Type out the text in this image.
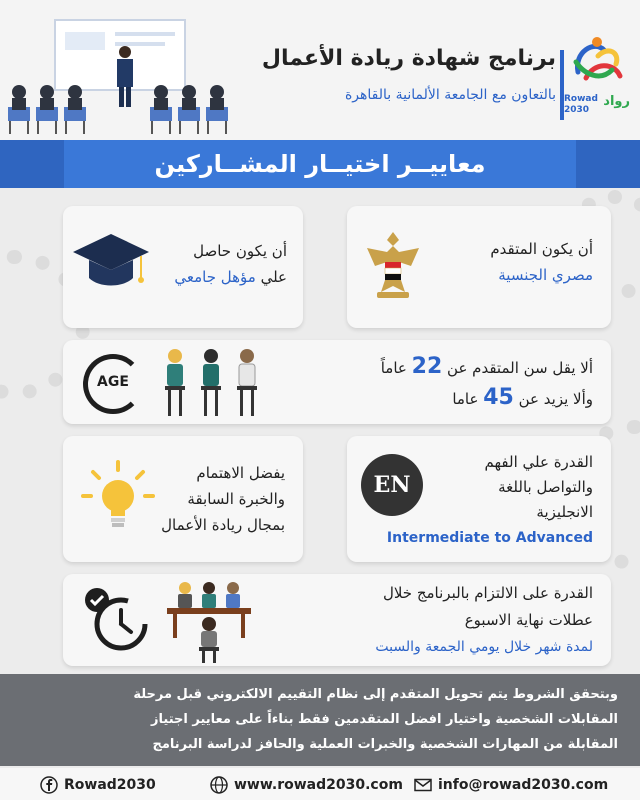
برنامج شهادة ريادة الأعمال
بالتعاون مع الجامعة الألمانية بالقاهرة Rowad
2030
رواد
معاييــر اختيــار المشــاركين
أن يكون المتقدم
مصري الجنسية
أن يكون حاصل
علي مؤهل جامعي
AGE
ألا يقل سن المتقدم عن 22 عاماً
وألا يزيد عن 45 عاما
EN
القدرة علي الفهم
والتواصل باللغة
الانجليزية
Intermediate to Advanced
يفضل الاهتمام
والخبرة السابقة
بمجال ريادة الأعمال
القدرة على الالتزام بالبرنامج خلال
عطلات نهاية الاسبوع
لمدة شهر خلال يومي الجمعة والسبت
وبتحقق الشروط يتم تحويل المتقدم إلى نظام التقييم الالكتروني قبل مرحلة
المقابلات الشخصية واختيار افضل المتقدمين فقط بناءاً على معايير اجتياز
المقابلة من المهارات الشخصية والخبرات العملية والحافز لدراسة البرنامج
Rowad2030	www.rowad2030.com	info@rowad2030.com
